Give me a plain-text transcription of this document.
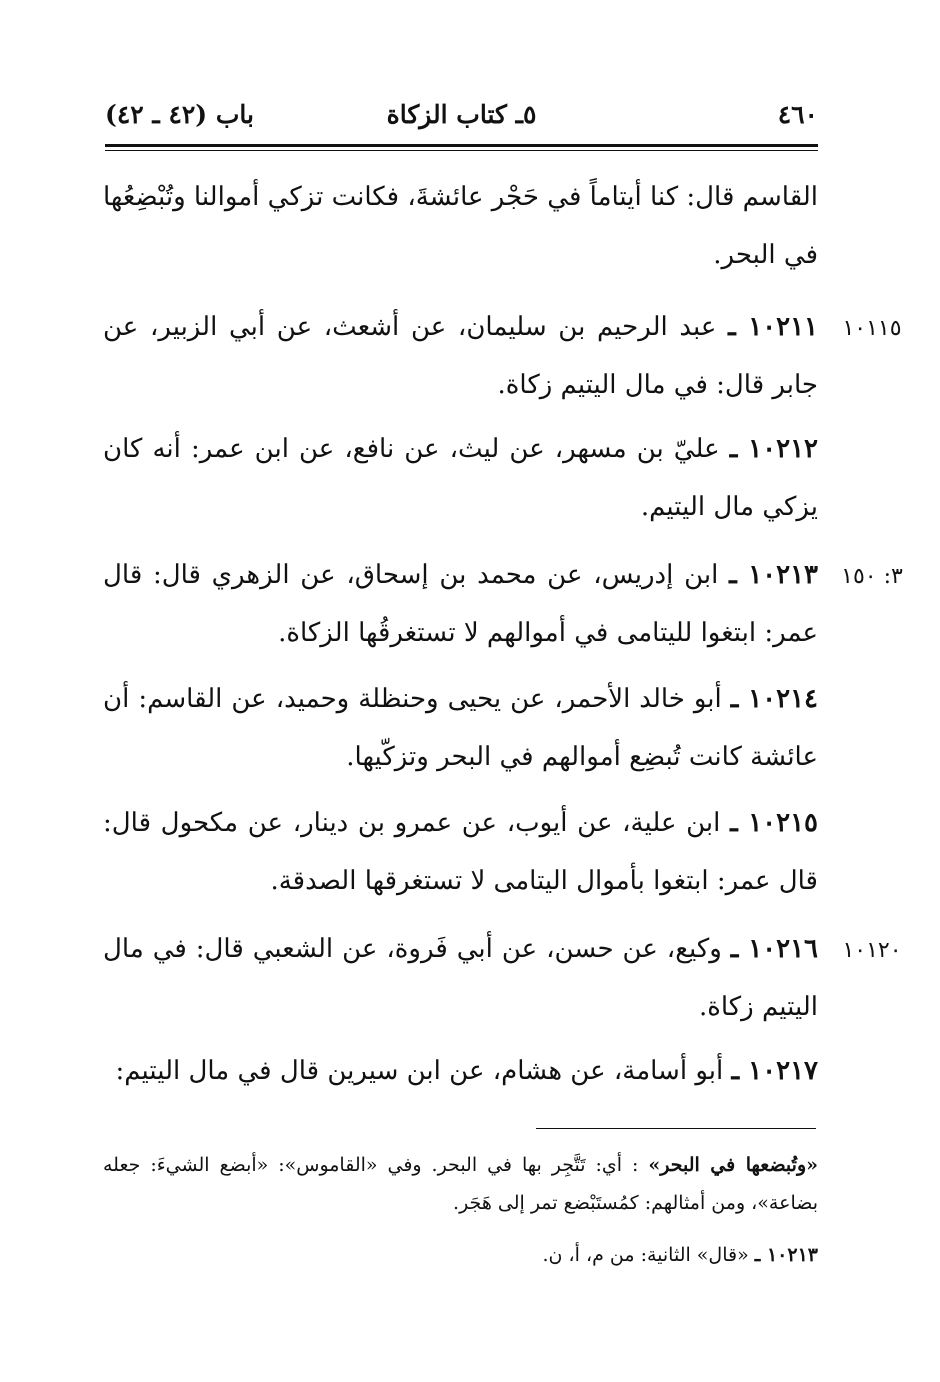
٤٦٠
٥ـ كتاب الزكاة
باب (٤٢ ـ ٤٢)
القاسم قال: كنا أيتاماً في حَجْر عائشةَ، فكانت تزكي أموالنا وتُبْضِعُها في البحر.
١٠١١٥
١٠٢١١ ـ عبد الرحيم بن سليمان، عن أشعث، عن أبي الزبير، عن جابر قال: في مال اليتيم زكاة.
١٠٢١٢ ـ عليّ بن مسهر، عن ليث، عن نافع، عن ابن عمر: أنه كان يزكي مال اليتيم.
٣: ١٥٠
١٠٢١٣ ـ ابن إدريس، عن محمد بن إسحاق، عن الزهري قال: قال عمر: ابتغوا لليتامى في أموالهم لا تستغرقُها الزكاة.
١٠٢١٤ ـ أبو خالد الأحمر، عن يحيى وحنظلة وحميد، عن القاسم: أن عائشة كانت تُبضِع أموالهم في البحر وتزكّيها.
١٠٢١٥ ـ ابن علية، عن أيوب، عن عمرو بن دينار، عن مكحول قال: قال عمر: ابتغوا بأموال اليتامى لا تستغرقها الصدقة.
١٠١٢٠
١٠٢١٦ ـ وكيع، عن حسن، عن أبي فَروة، عن الشعبي قال: في مال اليتيم زكاة.
١٠٢١٧ ـ أبو أسامة، عن هشام، عن ابن سيرين قال في مال اليتيم:
«وتُبضعها في البحر» : أي: تَتَّجِر بها في البحر. وفي «القاموس»: «أبضع الشيءَ: جعله بضاعة»، ومن أمثالهم: كمُستَبْضع تمر إلى هَجَر.
١٠٢١٣ ـ «قال» الثانية: من م، أ، ن.
